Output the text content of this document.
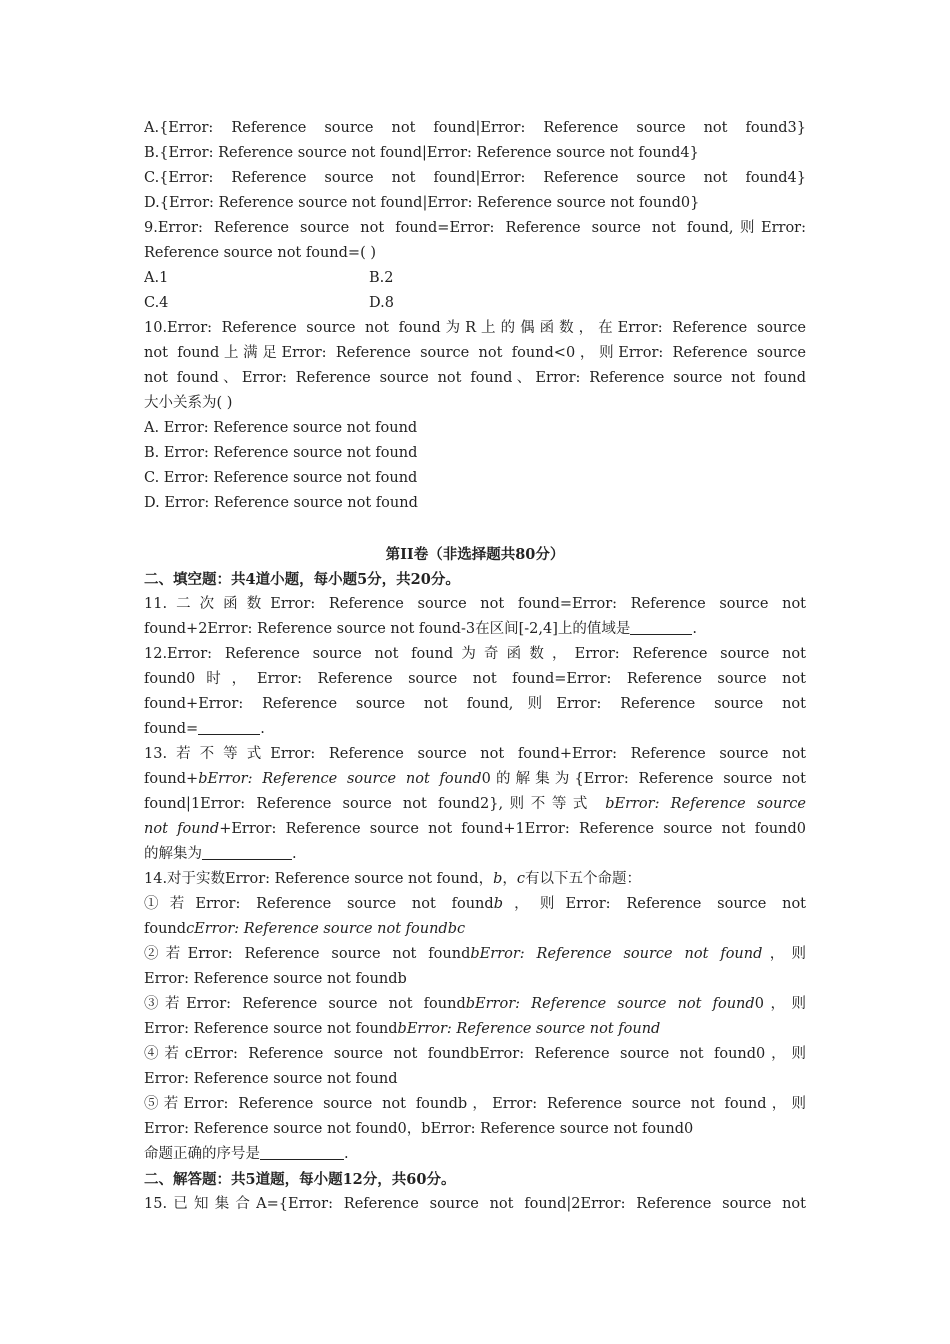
A.{Error: Reference source not found|Error: Reference source not found3}
B.{Error: Reference source not found|Error: Reference source not found4}
C.{Error: Reference source not found|Error: Reference source not found4}
D.{Error: Reference source not found|Error: Reference source not found0}
9.Error: Reference source not found=Error: Reference source not found,则Error:
Reference source not found=( )
A.1	B.2
C.4	D.8
10.Error: Reference source not found为R上的偶函数，在Error: Reference source
not found上满足Error: Reference source not found<0，则Error: Reference source
not found、Error: Reference source not found、Error: Reference source not found
大小关系为( )
A. Error: Reference source not found
B. Error: Reference source not found
C. Error: Reference source not found
D. Error: Reference source not found
第II卷（非选择题共80分）
二、填空题：共4道小题，每小题5分，共20分。
11.二次函数Error: Reference source not found=Error: Reference source not
found+2Error: Reference source not found-3在区间[-2,4]上的值域是	.
12.Error: Reference source not found为奇函数，Error: Reference source not
found0时，Error: Reference source not found=Error: Reference source not
found+Error: Reference source not found,则Error: Reference source not
found=	.
13.若不等式Error: Reference source not found+Error: Reference source not
found+bError: Reference source not found0的解集为{Error: Reference source not
found|1Error: Reference source not found2},则不等式 bError: Reference source
not found+Error: Reference source not found+1Error: Reference source not found0
的解集为	.
14.对于实数Error: Reference source not found，b，c有以下五个命题：
①若Error: Reference source not foundb，则Error: Reference source not
foundcError: Reference source not foundbc
②若Error: Reference source not foundbError: Reference source not found，则
Error: Reference source not foundb
③若Error: Reference source not foundbError: Reference source not found0，则
Error: Reference source not foundbError: Reference source not found
④若cError: Reference source not foundbError: Reference source not found0，则
Error: Reference source not found
⑤若Error: Reference source not foundb，Error: Reference source not found，则
Error: Reference source not found0，bError: Reference source not found0
命题正确的序号是	.
二、解答题：共5道题，每小题12分，共60分。
15.已知集合A={Error: Reference source not found|2Error: Reference source not
